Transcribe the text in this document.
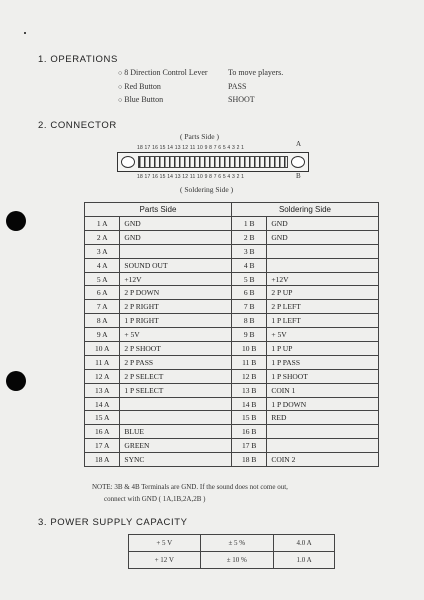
1. OPERATIONS
○ 8 Direction Control Lever	To move players.
○ Red Button	PASS
○ Blue Button	SHOOT
2. CONNECTOR
( Parts Side )
18 17 16 15 14 13 12 11 10 9 8 7 6 5 4 3 2 1	A
18 17 16 15 14 13 12 11 10 9 8 7 6 5 4 3 2 1	B
( Soldering Side )
Parts Side		Soldering Side	
1 A	GND	1 B	GND
2 A	GND	2 B	GND
3 A		3 B	
4 A	SOUND OUT	4 B	
5 A	+12V	5 B	+12V
6 A	2 P DOWN	6 B	2 P UP
7 A	2 P RIGHT	7 B	2 P LEFT
8 A	1 P RIGHT	8 B	1 P LEFT
9 A	+ 5V	9 B	+ 5V
10 A	2 P SHOOT	10 B	1 P UP
11 A	2 P PASS	11 B	1 P PASS
12 A	2 P SELECT	12 B	1 P SHOOT
13 A	1 P SELECT	13 B	COIN 1
14 A		14 B	1 P DOWN
15 A		15 B	RED
16 A	BLUE	16 B	
17 A	GREEN	17 B	
18 A	SYNC	18 B	COIN 2
NOTE: 3B & 4B Terminals are GND. If the sound does not come out,
connect with GND ( 1A,1B,2A,2B )
3. POWER SUPPLY CAPACITY
+ 5 V	± 5 %	4.0 A
+ 12 V	± 10 %	1.0 A
